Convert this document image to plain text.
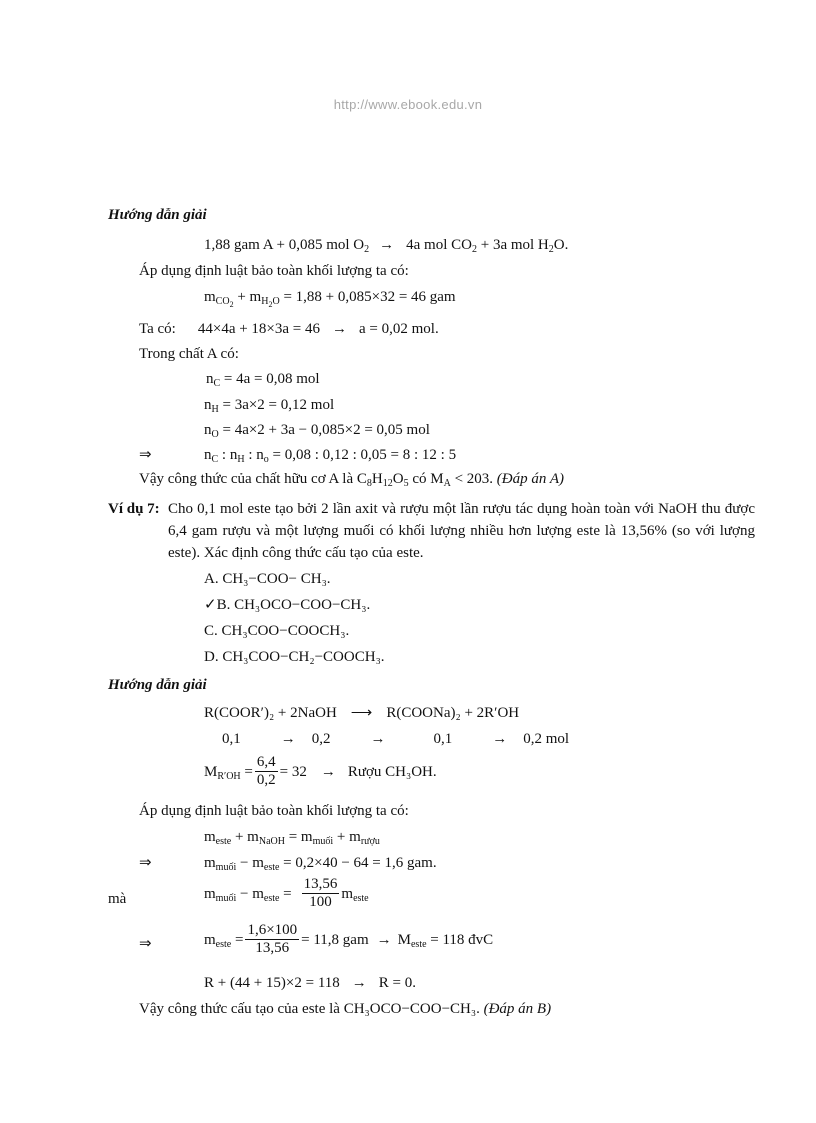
http://www.ebook.edu.vn
Hướng dẫn giải
1,88 gam A + 0,085 mol $O_2 \to 4a$ mol $CO_2 + 3a$ mol $H_2O$.
Áp dụng định luật bảo toàn khối lượng ta có:
$m_{CO_2} + m_{H_2O} = 1,88 + 0,085\times 32 = 46$ gam
Ta có: 44×4a + 18×3a = 46 → a = 0,02 mol.
Trong chất A có:
$n_C = 4a = 0,08$ mol
$n_H = 3a\times 2 = 0,12$ mol
$n_O = 4a\times 2 + 3a - 0,085\times 2 = 0,05$ mol
⇒	$n_C$ : $n_H$ : $n_o = 0,08$ : 0,12 : 0,05 = 8 : 12 : 5
Vậy công thức của chất hữu cơ A là $C_8H_{12}O_5$ có $M_A < 203$. (Đáp án A)
Ví dụ 7: Cho 0,1 mol este tạo bởi 2 lần axit và rượu một lần rượu tác dụng hoàn toàn với NaOH thu được 6,4 gam rượu và một lượng muối có khối lượng nhiều hơn lượng este là 13,56% (so với lượng este). Xác định công thức cấu tạo của este.
A. CH₃−COO− CH₃.
✓B. CH₃OCO−COO−CH₃.
C. CH₃COO−COOCH₃.
D. CH₃COO−CH₂−COOCH₃.
Hướng dẫn giải
R(COOR′)₂ + 2NaOH ⟶ R(COONa)₂ + 2R′OH
0,1	→ 0,2	→	0,1	→ 0,2 mol
$M_{R'OH} = \frac{6,4}{0,2} = 32$ → Rượu CH₃OH.
Áp dụng định luật bảo toàn khối lượng ta có:
$m_{este} + m_{NaOH} = m_{muối} + m_{rượu}$
⇒	$m_{muối} - m_{este} = 0,2\times 40 - 64 = 1,6$ gam.
mà	$m_{muối} - m_{este} = \frac{13,56}{100} m_{este}$
⇒	$m_{este} = \frac{1,6\times 100}{13,56} = 11,8$ gam → $M_{este} = 118$ đvC
R + (44 + 15)×2 = 118 → R = 0.
Vậy công thức cấu tạo của este là CH₃OCO−COO−CH₃. (Đáp án B)
